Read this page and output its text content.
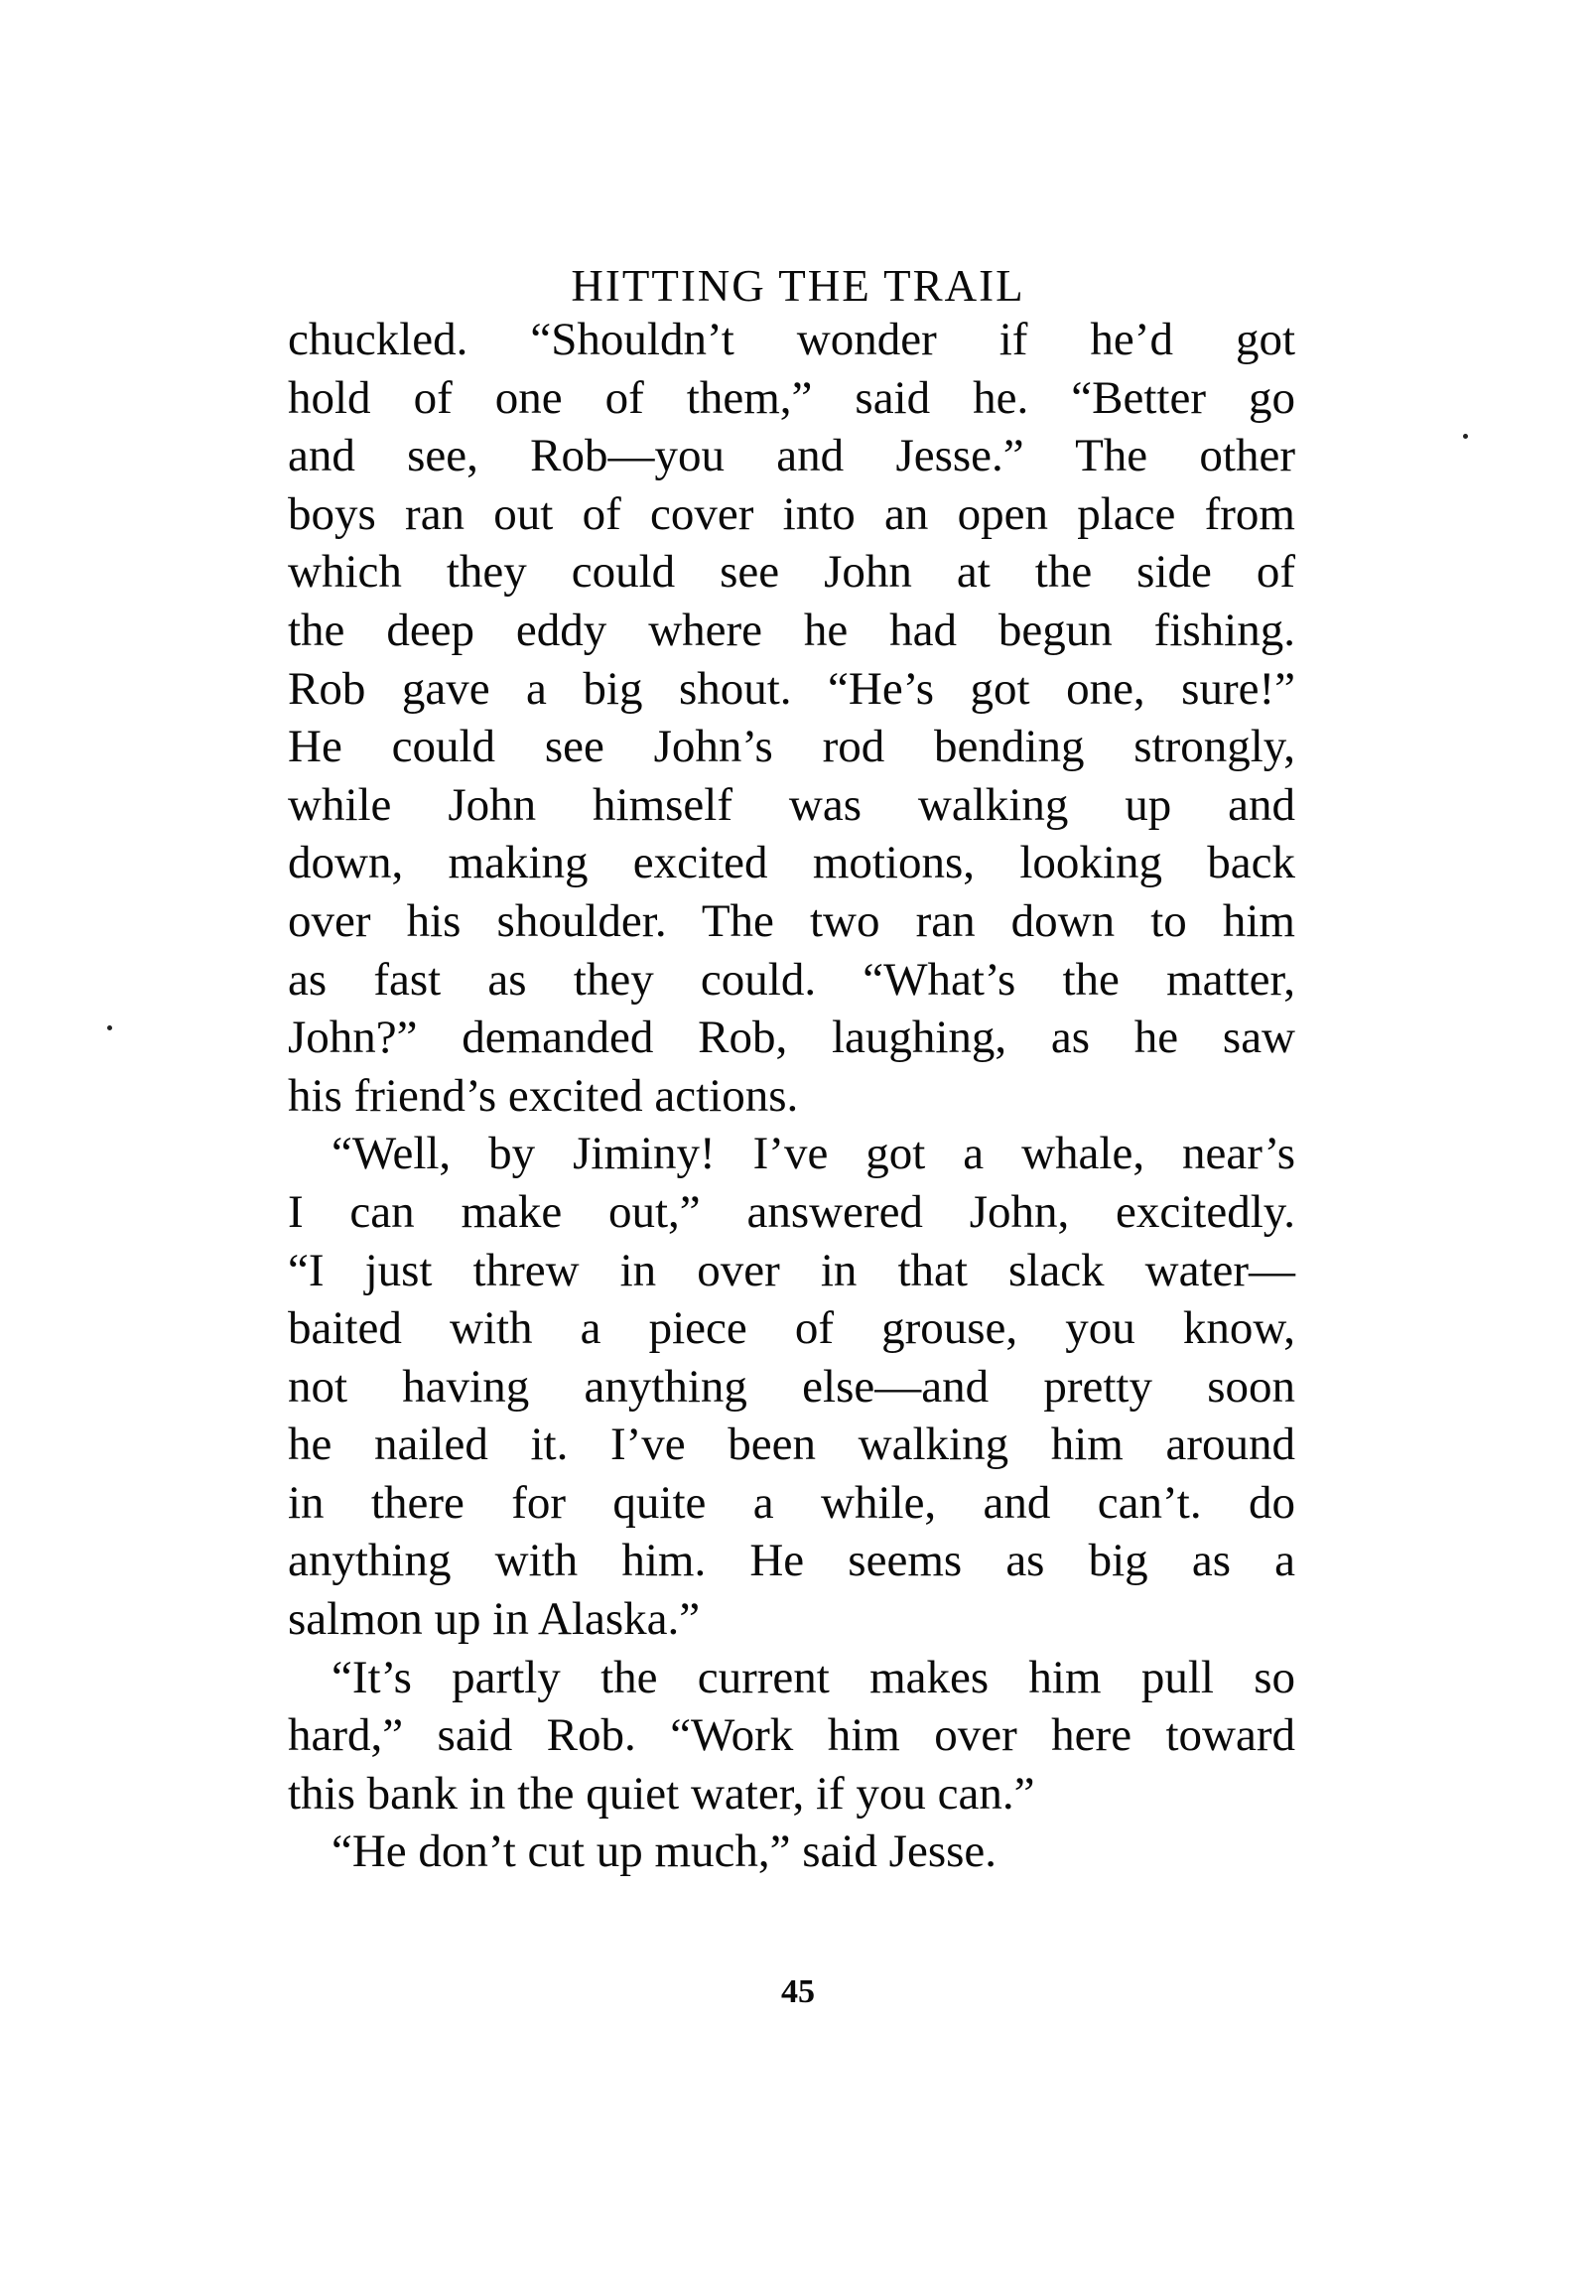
HITTING THE TRAIL
chuckled. “Shouldn’t wonder if he’d got
hold of one of them,” said he. “Better go
and see, Rob—you and Jesse.” The other
boys ran out of cover into an open place from
which they could see John at the side of
the deep eddy where he had begun fishing.
Rob gave a big shout. “He’s got one, sure!”
He could see John’s rod bending strongly,
while John himself was walking up and
down, making excited motions, looking back
over his shoulder. The two ran down to him
as fast as they could. “What’s the matter,
John?” demanded Rob, laughing, as he saw
his friend’s excited actions.
“Well, by Jiminy! I’ve got a whale, near’s
I can make out,” answered John, excitedly.
“I just threw in over in that slack water—
baited with a piece of grouse, you know,
not having anything else—and pretty soon
he nailed it. I’ve been walking him around
in there for quite a while, and can’t. do
anything with him. He seems as big as a
salmon up in Alaska.”
“It’s partly the current makes him pull so
hard,” said Rob. “Work him over here toward
this bank in the quiet water, if you can.”
“He don’t cut up much,” said Jesse.
45
